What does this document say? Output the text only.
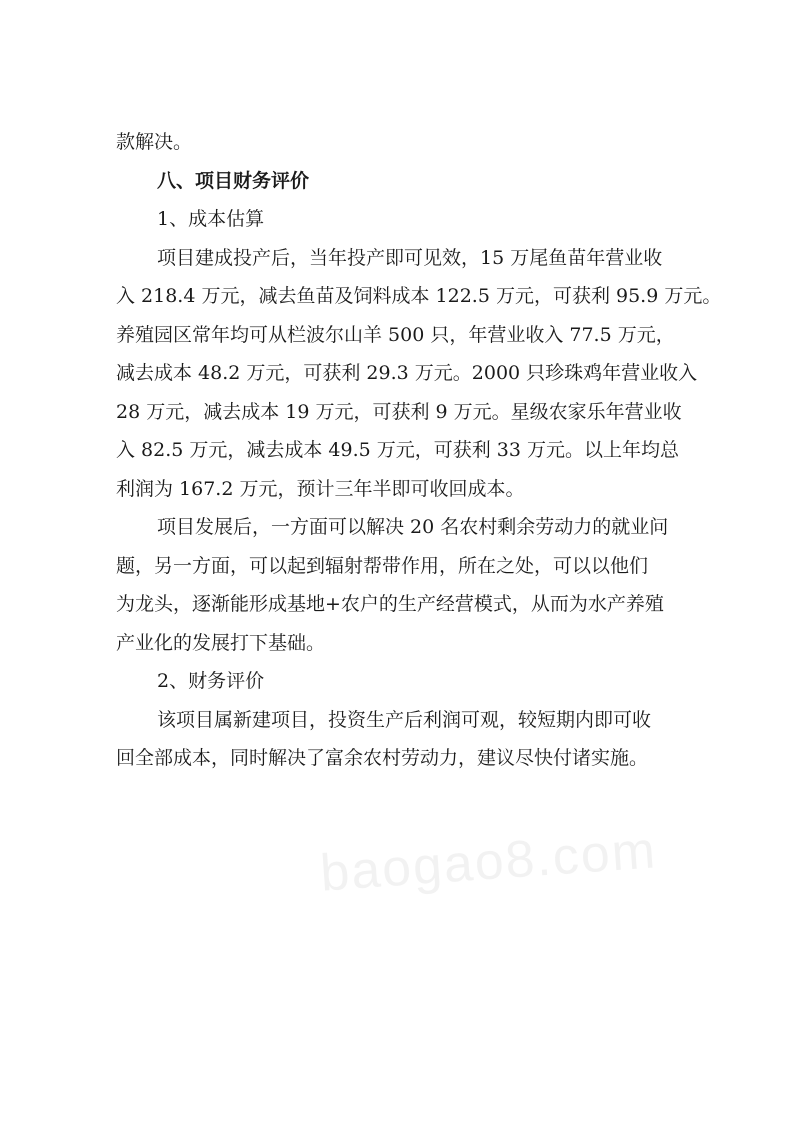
款解决。
八、项目财务评价
1、成本估算
项目建成投产后，当年投产即可见效，15 万尾鱼苗年营业收
入 218.4 万元，减去鱼苗及饲料成本 122.5 万元，可获利 95.9 万元。
养殖园区常年均可从栏波尔山羊 500 只，年营业收入 77.5 万元，
减去成本 48.2 万元，可获利 29.3 万元。2000 只珍珠鸡年营业收入
28 万元，减去成本 19 万元，可获利 9 万元。星级农家乐年营业收
入 82.5 万元，减去成本 49.5 万元，可获利 33 万元。以上年均总
利润为 167.2 万元，预计三年半即可收回成本。
项目发展后，一方面可以解决 20 名农村剩余劳动力的就业问
题，另一方面，可以起到辐射帮带作用，所在之处，可以以他们
为龙头，逐渐能形成基地+农户的生产经营模式，从而为水产养殖
产业化的发展打下基础。
2、财务评价
该项目属新建项目，投资生产后利润可观，较短期内即可收
回全部成本，同时解决了富余农村劳动力，建议尽快付诸实施。
baogao8.com
